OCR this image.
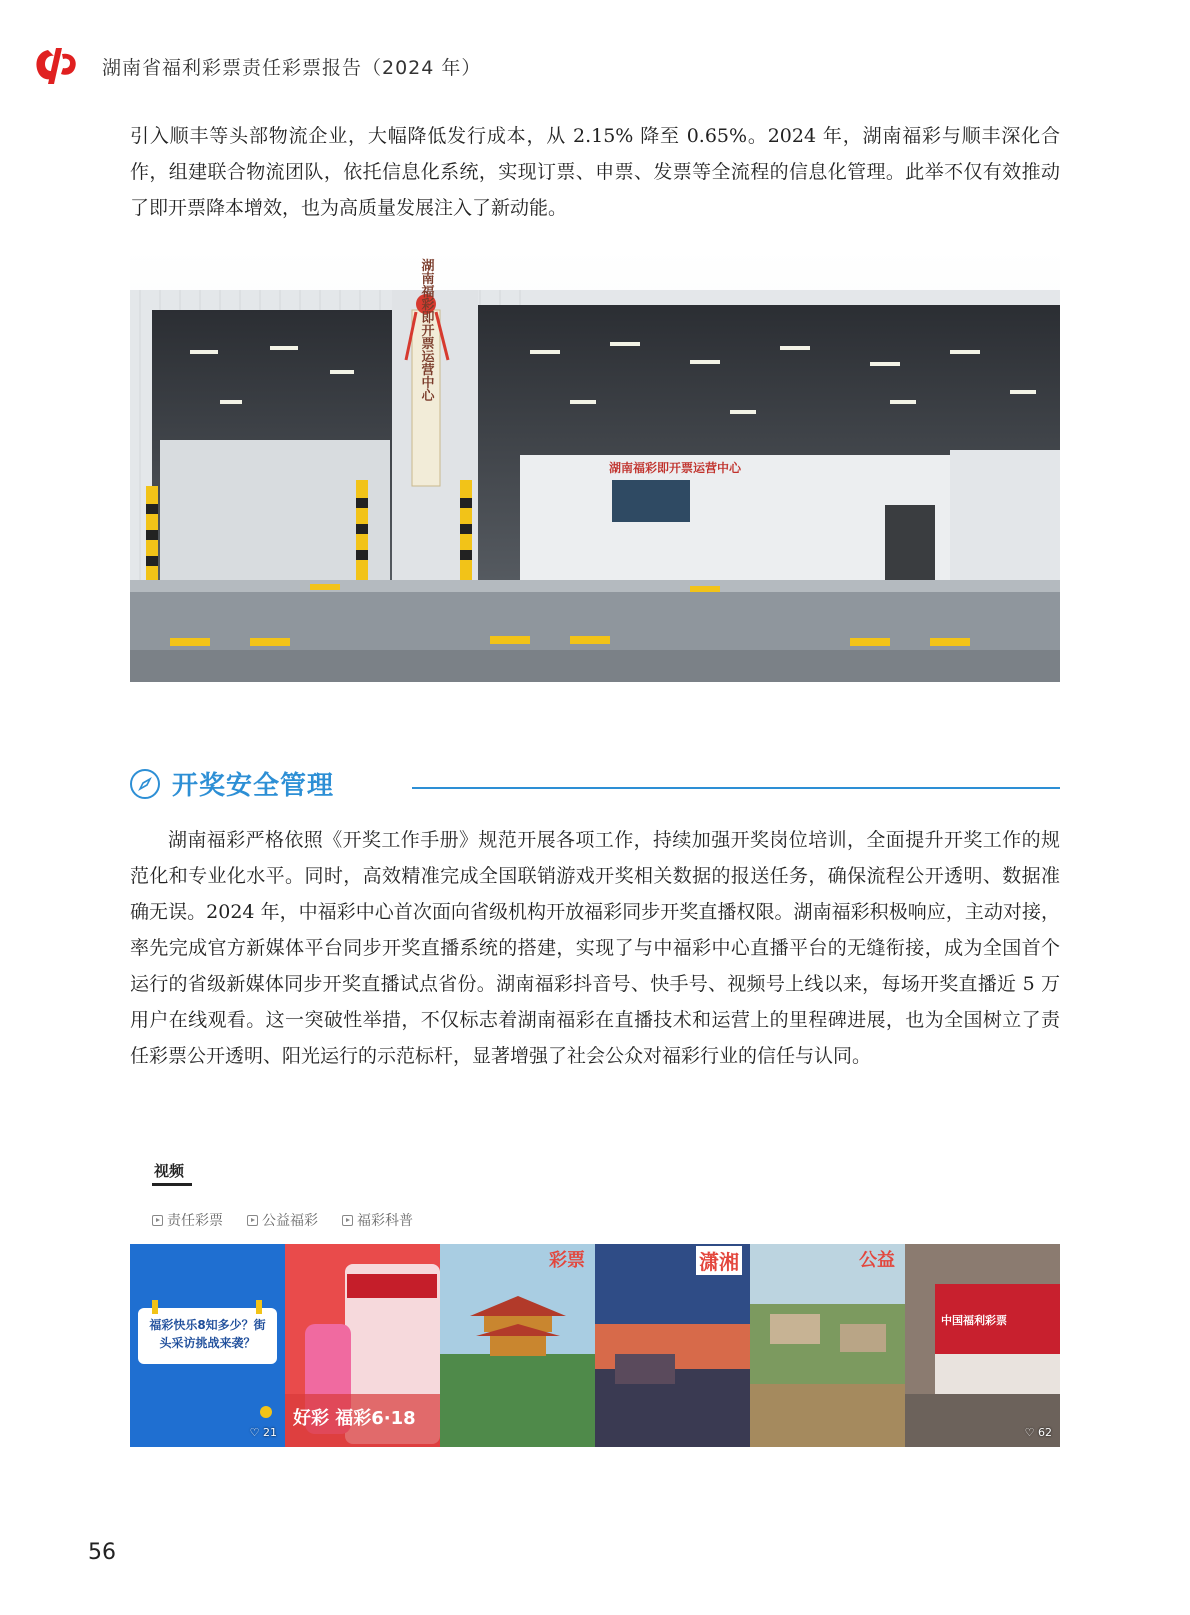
湖南省福利彩票责任彩票报告（2024 年）
引入顺丰等头部物流企业，大幅降低发行成本，从 2.15% 降至 0.65%。2024 年，湖南福彩与顺丰深化合作，组建联合物流团队，依托信息化系统，实现订票、申票、发票等全流程的信息化管理。此举不仅有效推动了即开票降本增效，也为高质量发展注入了新动能。
湖南福彩即开票运营中心
湖南福彩即开票运营中心
开奖安全管理
湖南福彩严格依照《开奖工作手册》规范开展各项工作，持续加强开奖岗位培训，全面提升开奖工作的规范化和专业化水平。同时，高效精准完成全国联销游戏开奖相关数据的报送任务，确保流程公开透明、数据准确无误。2024 年，中福彩中心首次面向省级机构开放福彩同步开奖直播权限。湖南福彩积极响应，主动对接，率先完成官方新媒体平台同步开奖直播系统的搭建，实现了与中福彩中心直播平台的无缝衔接，成为全国首个运行的省级新媒体同步开奖直播试点省份。湖南福彩抖音号、快手号、视频号上线以来，每场开奖直播近 5 万用户在线观看。这一突破性举措，不仅标志着湖南福彩在直播技术和运营上的里程碑进展，也为全国树立了责任彩票公开透明、阳光运行的示范标杆，显著增强了社会公众对福彩行业的信任与认同。
视频
责任彩票	公益福彩	福彩科普
福彩快乐8知多少？街头采访挑战来袭？
♡ 21
好彩 福彩6·18
彩票	潇湘	公益
中国福利彩票
♡ 62
56
